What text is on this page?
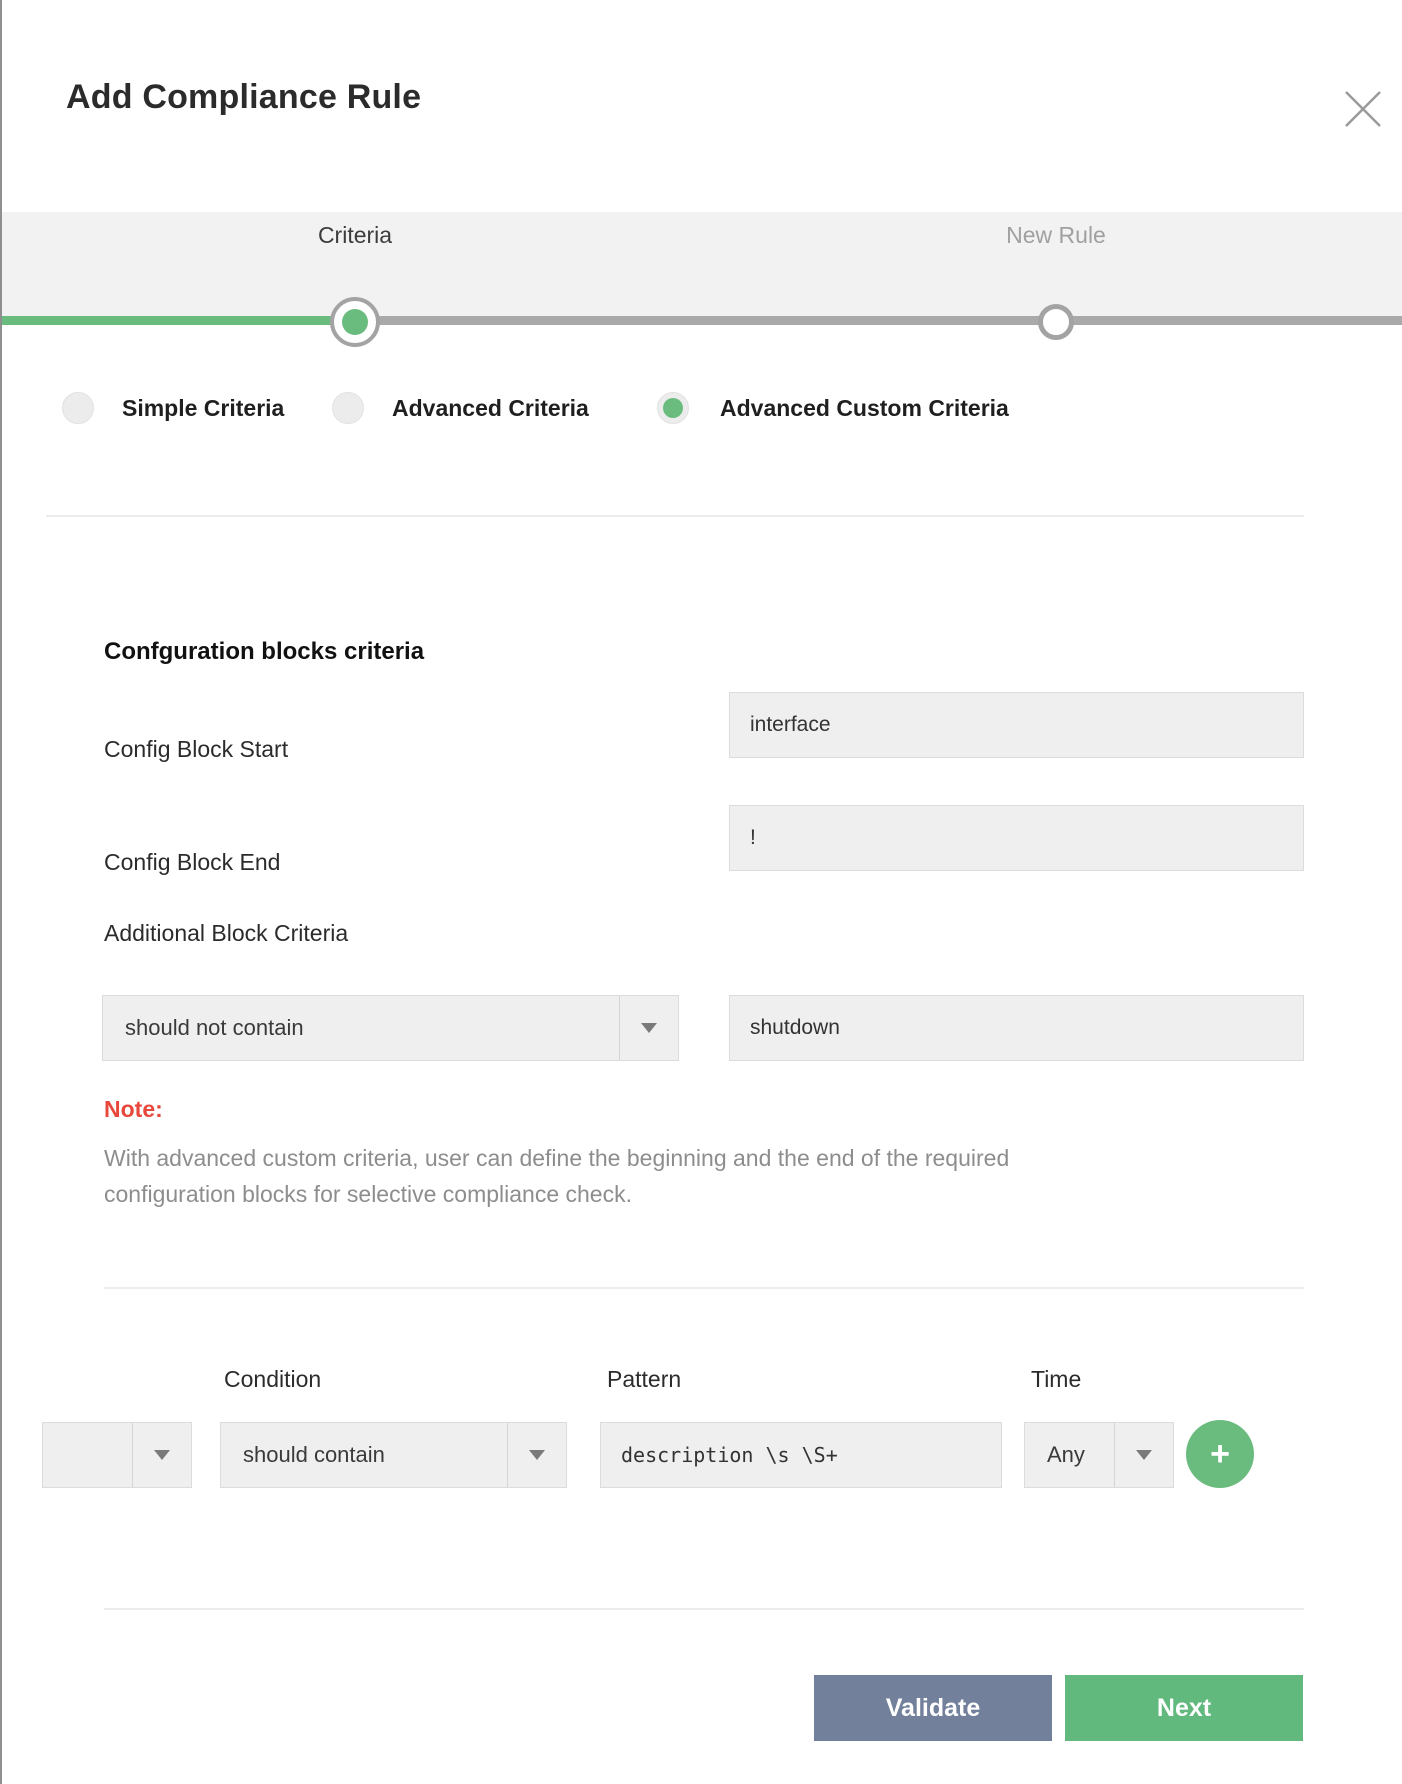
Add Compliance Rule
Criteria	New Rule
Simple Criteria	Advanced Criteria	Advanced Custom Criteria
Confguration blocks criteria
Config Block Start
interface
Config Block End
!
Additional Block Criteria
should not contain	shutdown
Note:
With advanced custom criteria, user can define the beginning and the end of the required
configuration blocks for selective compliance check.
Condition	Pattern	Time
should contain	description \s \S+	Any	+
Validate	Next
